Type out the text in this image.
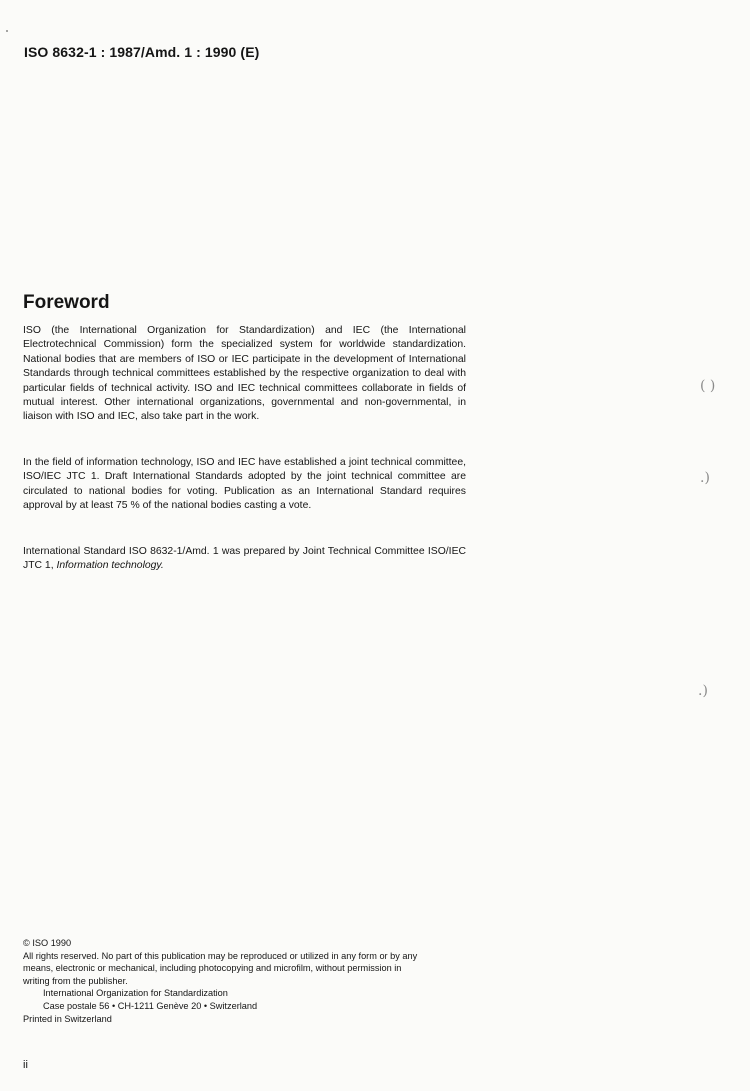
ISO 8632-1 : 1987/Amd. 1 : 1990 (E)
Foreword

ISO (the International Organization for Standardization) and IEC (the International Electrotechnical Commission) form the specialized system for worldwide standardization. National bodies that are members of ISO or IEC participate in the development of International Standards through technical committees established by the respective organization to deal with particular fields of technical activity. ISO and IEC technical committees collaborate in fields of mutual interest. Other international organizations, governmental and non-governmental, in liaison with ISO and IEC, also take part in the work.

In the field of information technology, ISO and IEC have established a joint technical committee, ISO/IEC JTC 1. Draft International Standards adopted by the joint technical committee are circulated to national bodies for voting. Publication as an International Standard requires approval by at least 75 % of the national bodies casting a vote.

International Standard ISO 8632-1/Amd. 1 was prepared by Joint Technical Committee ISO/IEC JTC 1, Information technology.

© ISO 1990
All rights reserved. No part of this publication may be reproduced or utilized in any form or by any
means, electronic or mechanical, including photocopying and microfilm, without permission in
writing from the publisher.
International Organization for Standardization
Case postale 56 • CH-1211 Genève 20 • Switzerland
Printed in Switzerland
ii
( )
.)
.)
